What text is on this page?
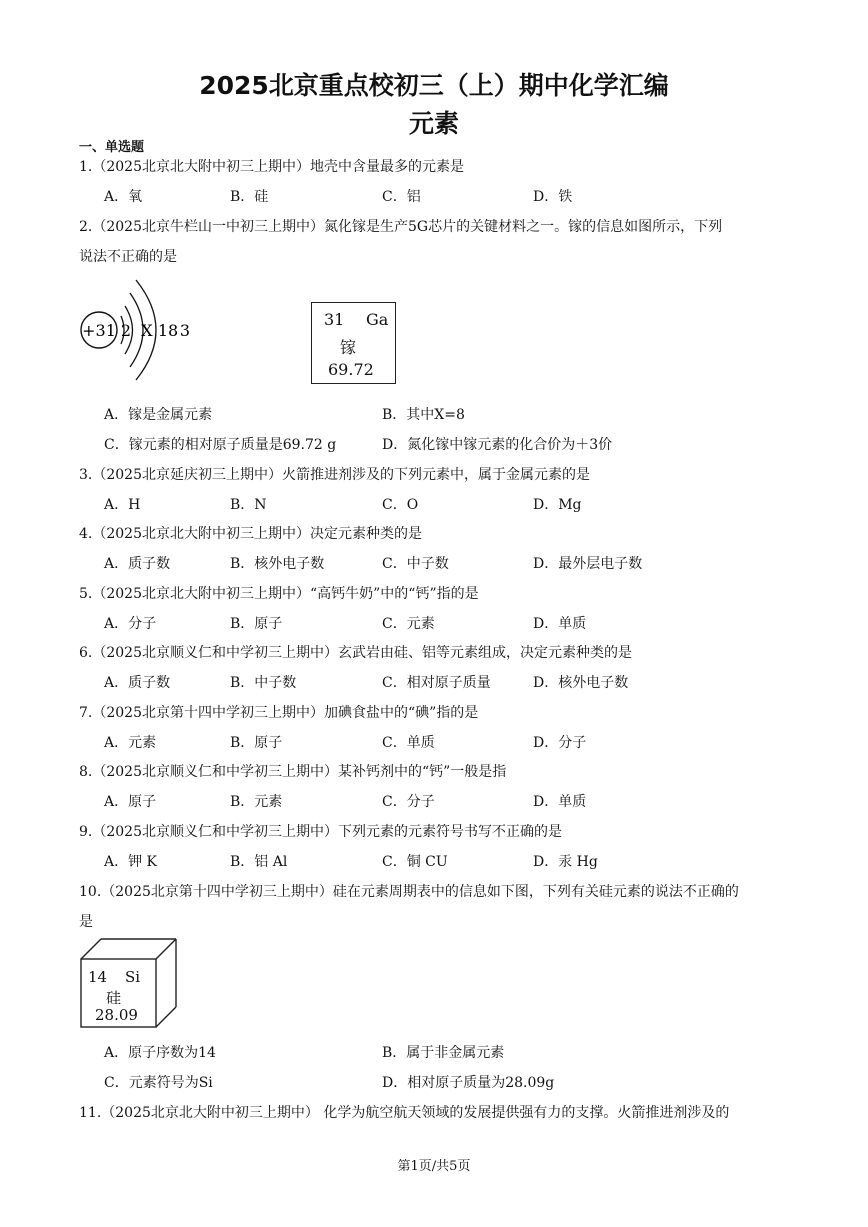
2025北京重点校初三（上）期中化学汇编
元素
一、单选题
1.（2025北京北大附中初三上期中）地壳中含量最多的元素是
A．氧	B．硅	C．铝	D．铁
2.（2025北京牛栏山一中初三上期中）氮化镓是生产5G芯片的关键材料之一。镓的信息如图所示，下列
说法不正确的是
+31 2 X 18 3
31 Ga
镓
69.72
A．镓是金属元素	B．其中X=8
C．镓元素的相对原子质量是69.72 g	D．氮化镓中镓元素的化合价为＋3价
3.（2025北京延庆初三上期中）火箭推进剂涉及的下列元素中，属于金属元素的是
A．H	B．N	C．O	D．Mg
4.（2025北京北大附中初三上期中）决定元素种类的是
A．质子数	B．核外电子数	C．中子数	D．最外层电子数
5.（2025北京北大附中初三上期中）“高钙牛奶”中的“钙”指的是
A．分子	B．原子	C．元素	D．单质
6.（2025北京顺义仁和中学初三上期中）玄武岩由硅、铝等元素组成，决定元素种类的是
A．质子数	B．中子数	C．相对原子质量	D．核外电子数
7.（2025北京第十四中学初三上期中）加碘食盐中的“碘”指的是
A．元素	B．原子	C．单质	D．分子
8.（2025北京顺义仁和中学初三上期中）某补钙剂中的“钙”一般是指
A．原子	B．元素	C．分子	D．单质
9.（2025北京顺义仁和中学初三上期中）下列元素的元素符号书写不正确的是
A．钾 K	B．铝 Al	C．铜 CU	D．汞 Hg
10.（2025北京第十四中学初三上期中）硅在元素周期表中的信息如下图，下列有关硅元素的说法不正确的
是
14 Si
硅
28.09
A．原子序数为14	B．属于非金属元素
C．元素符号为Si	D．相对原子质量为28.09g
11.（2025北京北大附中初三上期中） 化学为航空航天领域的发展提供强有力的支撑。火箭推进剂涉及的
第1页/共5页
